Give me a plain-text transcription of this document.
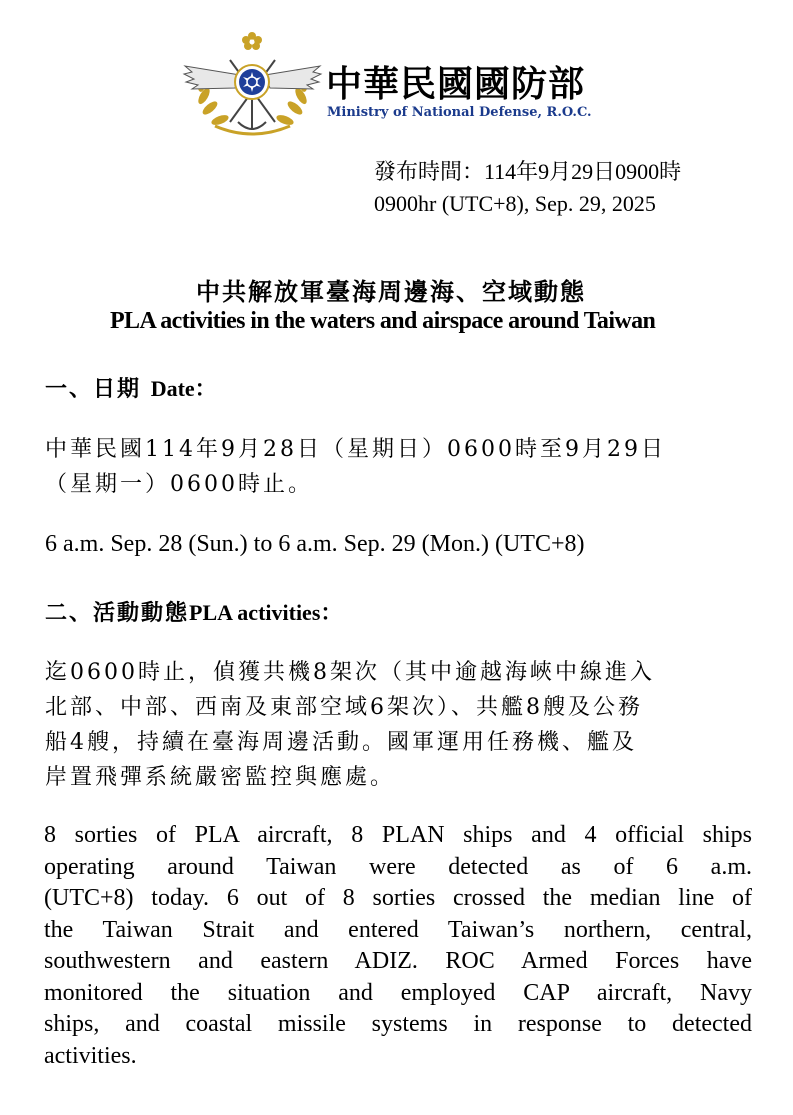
中華民國國防部
Ministry of National Defense, R.O.C.
發布時間：114年9月29日0900時
0900hr (UTC+8), Sep. 29, 2025
中共解放軍臺海周邊海、空域動態
PLA activities in the waters and airspace around Taiwan
一、日期 Date：
中華民國114年9月28日（星期日）0600時至9月29日
（星期一）0600時止。
6 a.m. Sep. 28 (Sun.) to 6 a.m. Sep. 29 (Mon.) (UTC+8)
二、活動動態PLA activities：
迄0600時止，偵獲共機8架次（其中逾越海峽中線進入
北部、中部、西南及東部空域6架次）、共艦8艘及公務
船4艘，持續在臺海周邊活動。國軍運用任務機、艦及
岸置飛彈系統嚴密監控與應處。
8 sorties of PLA aircraft, 8 PLAN ships and 4 official ships
operating around Taiwan were detected as of 6 a.m.
(UTC+8) today. 6 out of 8 sorties crossed the median line of
the Taiwan Strait and entered Taiwan’s northern, central,
southwestern and eastern ADIZ. ROC Armed Forces have
monitored the situation and employed CAP aircraft, Navy
ships, and coastal missile systems in response to detected
activities.
